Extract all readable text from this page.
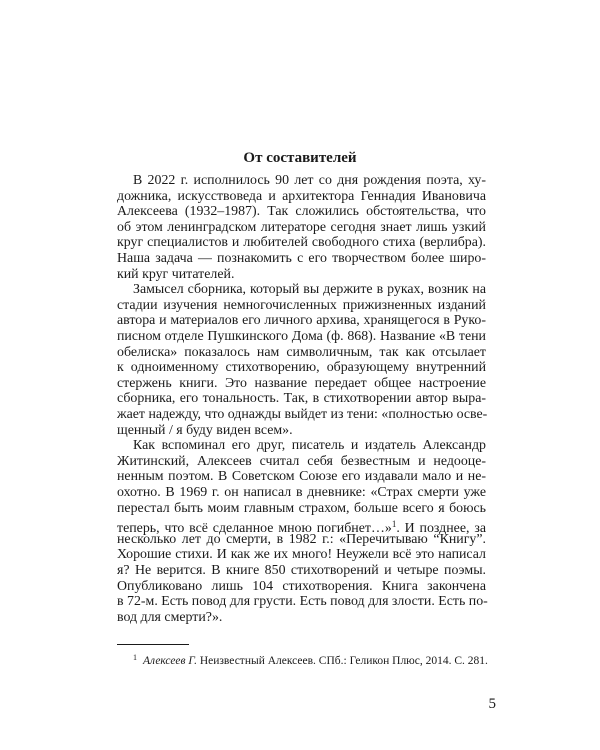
От составителей
В 2022 г. исполнилось 90 лет со дня рождения поэта, ху-
дожника, искусствоведа и архитектора Геннадия Ивановича
Алексеева (1932–1987). Так сложились обстоятельства, что
об этом ленинградском литераторе сегодня знает лишь узкий
круг специалистов и любителей свободного стиха (верлибра).
Наша задача — познакомить с его творчеством более широ-
кий круг читателей.
Замысел сборника, который вы держите в руках, возник на
стадии изучения немногочисленных прижизненных изданий
автора и материалов его личного архива, хранящегося в Руко-
писном отделе Пушкинского Дома (ф. 868). Название «В тени
обелиска» показалось нам символичным, так как отсылает
к одноименному стихотворению, образующему внутренний
стержень книги. Это название передает общее настроение
сборника, его тональность. Так, в стихотворении автор выра-
жает надежду, что однажды выйдет из тени: «полностью осве-
щенный / я буду виден всем».
Как вспоминал его друг, писатель и издатель Александр
Житинский, Алексеев считал себя безвестным и недооце-
ненным поэтом. В Советском Союзе его издавали мало и не-
охотно. В 1969 г. он написал в дневнике: «Страх смерти уже
перестал быть моим главным страхом, больше всего я боюсь
теперь, что всё сделанное мною погибнет…»$^1$. И позднее, за
несколько лет до смерти, в 1982 г.: «Перечитываю “Книгу”.
Хорошие стихи. И как же их много! Неужели всё это написал
я? Не верится. В книге 850 стихотворений и четыре поэмы.
Опубликовано лишь 104 стихотворения. Книга закончена
в 72-м. Есть повод для грусти. Есть повод для злости. Есть по-
вод для смерти?».
$^1$ Алексеев Г. Неизвестный Алексеев. СПб.: Геликон Плюс, 2014. С. 281.
5
